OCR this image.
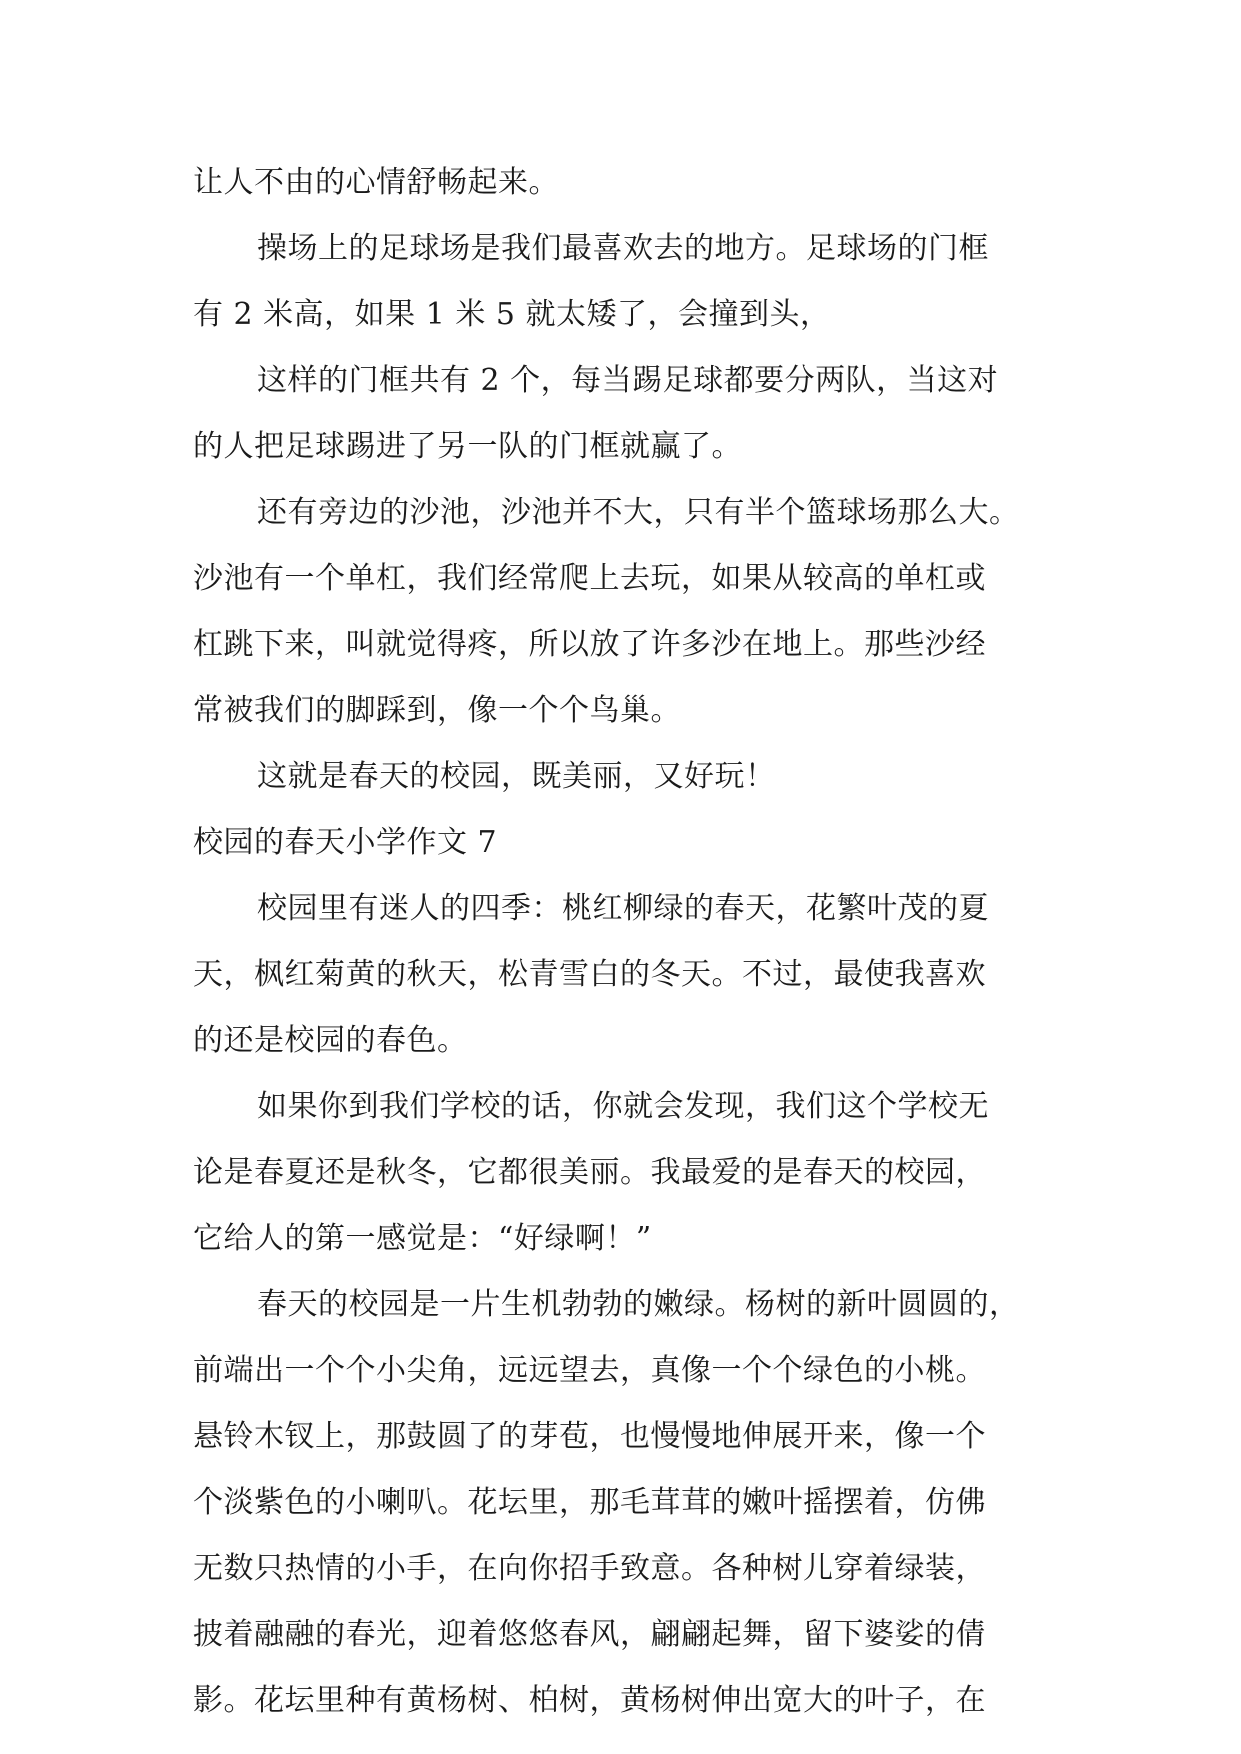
让人不由的心情舒畅起来。
操场上的足球场是我们最喜欢去的地方。足球场的门框
有 2 米高，如果 1 米 5 就太矮了，会撞到头，
这样的门框共有 2 个，每当踢足球都要分两队，当这对
的人把足球踢进了另一队的门框就赢了。
还有旁边的沙池，沙池并不大，只有半个篮球场那么大。
沙池有一个单杠，我们经常爬上去玩，如果从较高的单杠或
杠跳下来，叫就觉得疼，所以放了许多沙在地上。那些沙经
常被我们的脚踩到，像一个个鸟巢。
这就是春天的校园，既美丽，又好玩！
校园的春天小学作文 7
校园里有迷人的四季：桃红柳绿的春天，花繁叶茂的夏
天，枫红菊黄的秋天，松青雪白的冬天。不过，最使我喜欢
的还是校园的春色。
如果你到我们学校的话，你就会发现，我们这个学校无
论是春夏还是秋冬，它都很美丽。我最爱的是春天的校园，
它给人的第一感觉是：“好绿啊！”
春天的校园是一片生机勃勃的嫩绿。杨树的新叶圆圆的，
前端出一个个小尖角，远远望去，真像一个个绿色的小桃。
悬铃木钗上，那鼓圆了的芽苞，也慢慢地伸展开来，像一个
个淡紫色的小喇叭。花坛里，那毛茸茸的嫩叶摇摆着，仿佛
无数只热情的小手，在向你招手致意。各种树儿穿着绿装，
披着融融的春光，迎着悠悠春风，翩翩起舞，留下婆娑的倩
影。花坛里种有黄杨树、柏树，黄杨树伸出宽大的叶子，在
